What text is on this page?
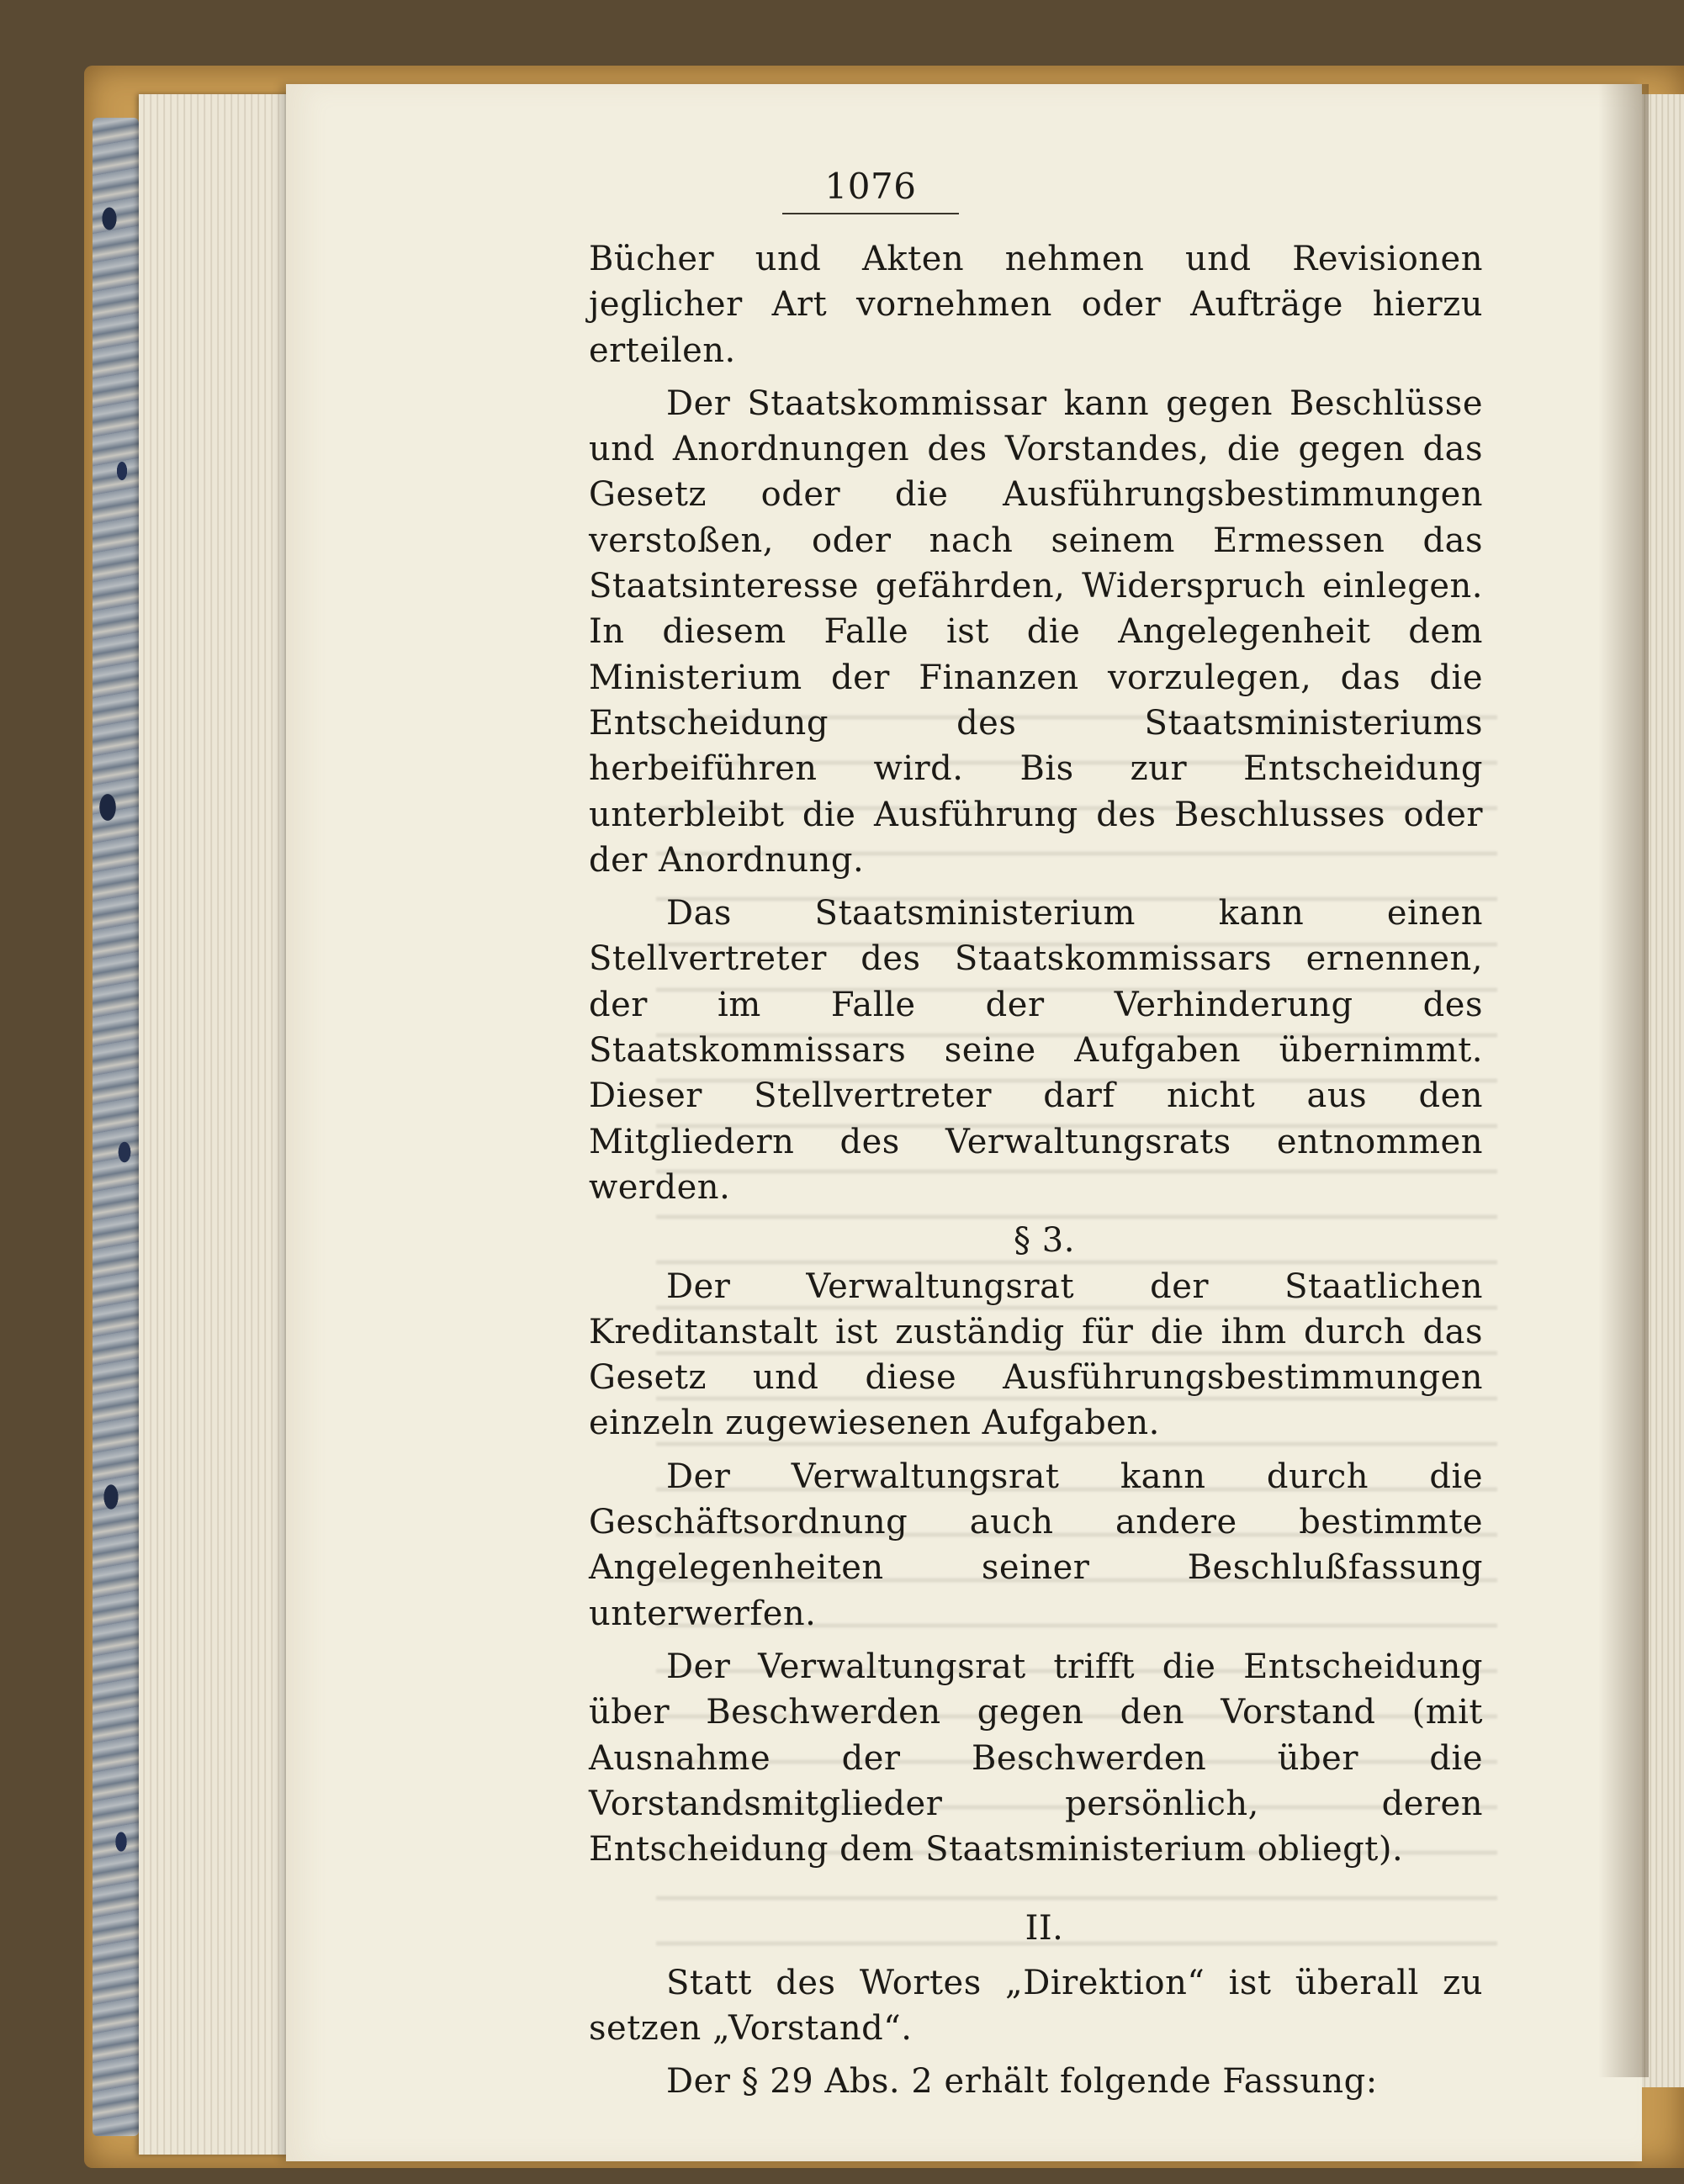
1076

Bücher und Akten nehmen und Revisionen jeglicher Art vornehmen oder Aufträge hierzu erteilen.

Der Staatskommissar kann gegen Beschlüsse und Anordnungen des Vorstandes, die gegen das Gesetz oder die Ausführungsbestimmungen verstoßen, oder nach seinem Ermessen das Staatsinteresse gefährden, Widerspruch einlegen. In diesem Falle ist die Angelegenheit dem Ministerium der Finanzen vorzulegen, das die Entscheidung des Staatsministeriums herbeiführen wird. Bis zur Entscheidung unterbleibt die Ausführung des Beschlusses oder der Anordnung.

Das Staatsministerium kann einen Stellvertreter des Staatskommissars ernennen, der im Falle der Verhinderung des Staatskommissars seine Aufgaben übernimmt. Dieser Stellvertreter darf nicht aus den Mitgliedern des Verwaltungsrats entnommen werden.

§ 3.

Der Verwaltungsrat der Staatlichen Kreditanstalt ist zuständig für die ihm durch das Gesetz und diese Ausführungsbestimmungen einzeln zugewiesenen Aufgaben.

Der Verwaltungsrat kann durch die Geschäftsordnung auch andere bestimmte Angelegenheiten seiner Beschlußfassung unterwerfen.

Der Verwaltungsrat trifft die Entscheidung über Beschwerden gegen den Vorstand (mit Ausnahme der Beschwerden über die Vorstandsmitglieder persönlich, deren Entscheidung dem Staatsministerium obliegt).

II.

Statt des Wortes „Direktion“ ist überall zu setzen „Vorstand“.

Der § 29 Abs. 2 erhält folgende Fassung:
